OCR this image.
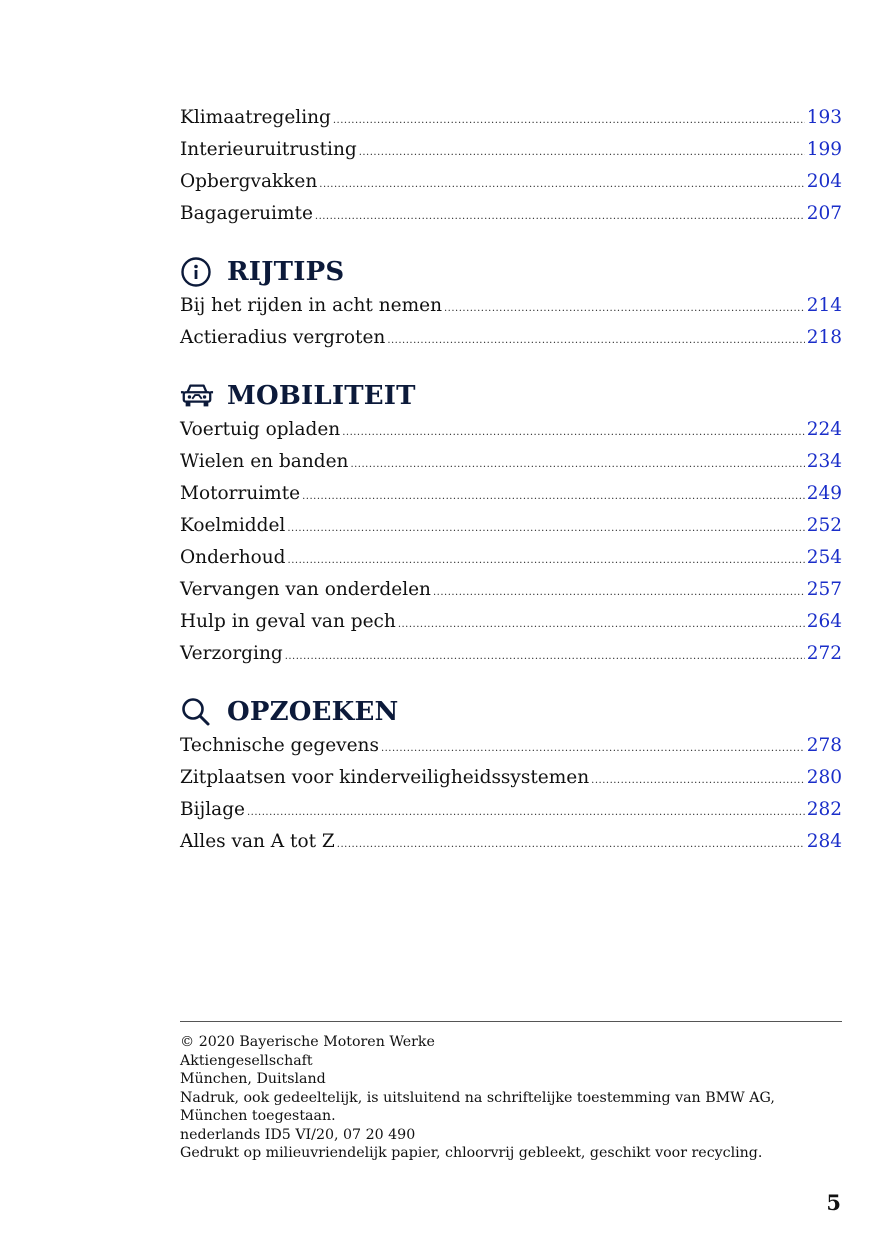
Klimaatregeling .....	193
Interieuruitrusting .....	199
Opbergvakken .....	204
Bagageruimte .....	207
RIJTIPS
Bij het rijden in acht nemen .....	214
Actieradius vergroten .....	218
MOBILITEIT
Voertuig opladen .....	224
Wielen en banden .....	234
Motorruimte .....	249
Koelmiddel .....	252
Onderhoud .....	254
Vervangen van onderdelen .....	257
Hulp in geval van pech .....	264
Verzorging .....	272
OPZOEKEN
Technische gegevens .....	278
Zitplaatsen voor kinderveiligheidssystemen .....	280
Bijlage .....	282
Alles van A tot Z .....	284
© 2020 Bayerische Motoren Werke
Aktiengesellschaft
München, Duitsland
Nadruk, ook gedeeltelijk, is uitsluitend na schriftelijke toestemming van BMW AG, München toegestaan.
nederlands ID5 VI/20, 07 20 490
Gedrukt op milieuvriendelijk papier, chloorvrij gebleekt, geschikt voor recycling.
5
